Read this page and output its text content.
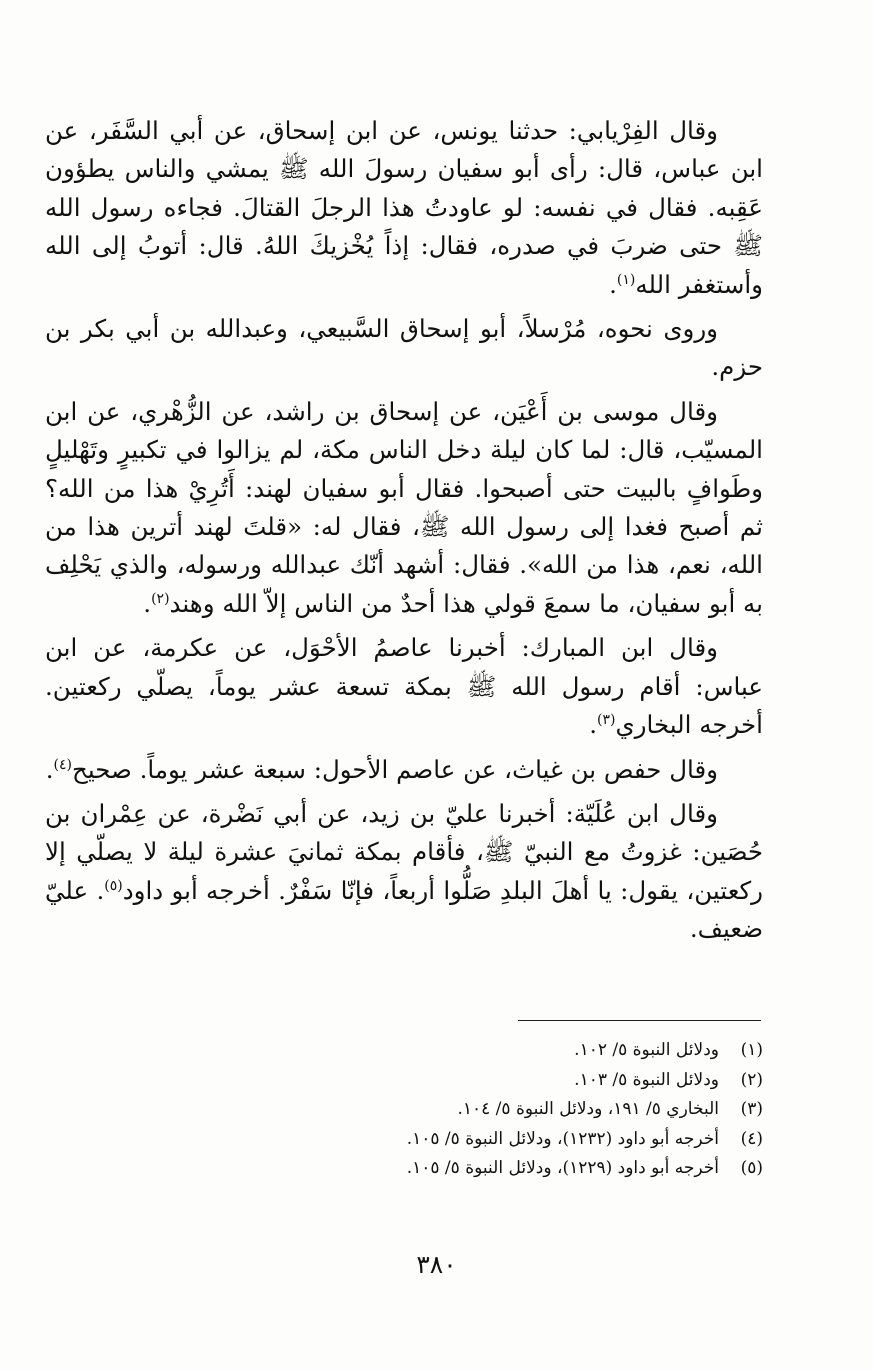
وقال الفِرْيابي: حدثنا يونس، عن ابن إسحاق، عن أبي السَّفَر، عن ابن عباس، قال: رأى أبو سفيان رسولَ الله ﷺ يمشي والناس يطؤون عَقِبه. فقال في نفسه: لو عاودتُ هذا الرجلَ القتالَ. فجاءه رسول الله ﷺ حتى ضربَ في صدره، فقال: إذاً يُخْزيكَ اللهُ. قال: أتوبُ إلى الله وأستغفر الله$^{(١)}$.

وروى نحوه، مُرْسلاً، أبو إسحاق السَّبيعي، وعبدالله بن أبي بكر بن حزم.

وقال موسى بن أَعْيَن، عن إسحاق بن راشد، عن الزُّهْري، عن ابن المسيّب، قال: لما كان ليلة دخل الناس مكة، لم يزالوا في تكبيرٍ وتَهْليلٍ وطَوافٍ بالبيت حتى أصبحوا. فقال أبو سفيان لهند: أَتُرِيْ هذا من الله؟ ثم أصبح فغدا إلى رسول الله ﷺ، فقال له: «قلتَ لهند أترين هذا من الله، نعم، هذا من الله». فقال: أشهد أنّك عبدالله ورسوله، والذي يَحْلِف به أبو سفيان، ما سمعَ قولي هذا أحدٌ من الناس إلاّ الله وهند$^{(٢)}$.

وقال ابن المبارك: أخبرنا عاصمُ الأحْوَل، عن عكرمة، عن ابن عباس: أقام رسول الله ﷺ بمكة تسعة عشر يوماً، يصلّي ركعتين. أخرجه البخاري$^{(٣)}$.

وقال حفص بن غياث، عن عاصم الأحول: سبعة عشر يوماً. صحيح$^{(٤)}$.

وقال ابن عُلَيّة: أخبرنا عليّ بن زيد، عن أبي نَضْرة، عن عِمْران بن حُصَين: غزوتُ مع النبيّ ﷺ، فأقام بمكة ثمانيَ عشرة ليلة لا يصلّي إلا ركعتين، يقول: يا أهلَ البلدِ صَلُّوا أربعاً، فإنّا سَفْرٌ. أخرجه أبو داود$^{(٥)}$. عليّ ضعيف.

(١)ودلائل النبوة ٥/ ١٠٢.
(٢)ودلائل النبوة ٥/ ١٠٣.
(٣)البخاري ٥/ ١٩١، ودلائل النبوة ٥/ ١٠٤.
(٤)أخرجه أبو داود (١٢٣٢)، ودلائل النبوة ٥/ ١٠٥.
(٥)أخرجه أبو داود (١٢٢٩)، ودلائل النبوة ٥/ ١٠٥.
٣٨٠
